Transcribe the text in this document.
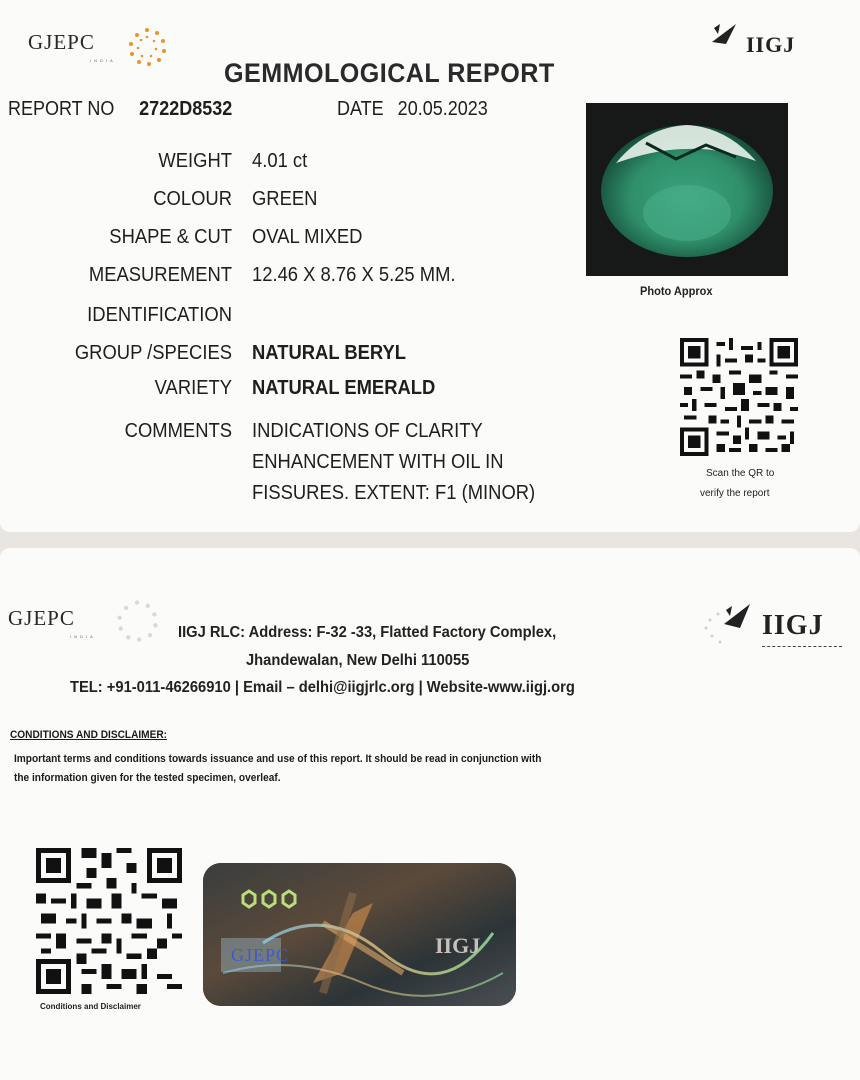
GJEPC
INDIA
IIGJ
GEMMOLOGICAL REPORT
REPORT NO 2722D8532	DATE 20.05.2023
WEIGHT 4.01 ct
COLOUR GREEN
SHAPE & CUT OVAL MIXED
MEASUREMENT 12.46 X 8.76 X 5.25 MM.
IDENTIFICATION
GROUP /SPECIES NATURAL BERYL
VARIETY NATURAL EMERALD
COMMENTS INDICATIONS OF CLARITY
ENHANCEMENT WITH OIL IN
FISSURES. EXTENT: F1 (MINOR)
Photo Approx
Scan the QR to
verify the report
GJEPC
INDIA	IIGJ
IIGJ RLC: Address: F-32 -33, Flatted Factory Complex,
Jhandewalan, New Delhi 110055
TEL: +91-011-46266910 | Email – delhi@iigjrlc.org | Website-www.iigj.org
CONDITIONS AND DISCLAIMER:
Important terms and conditions towards issuance and use of this report. It should be read in conjunction with
the information given for the tested specimen, overleaf.
Conditions and Disclaimer
GJEPC	IIGJ
